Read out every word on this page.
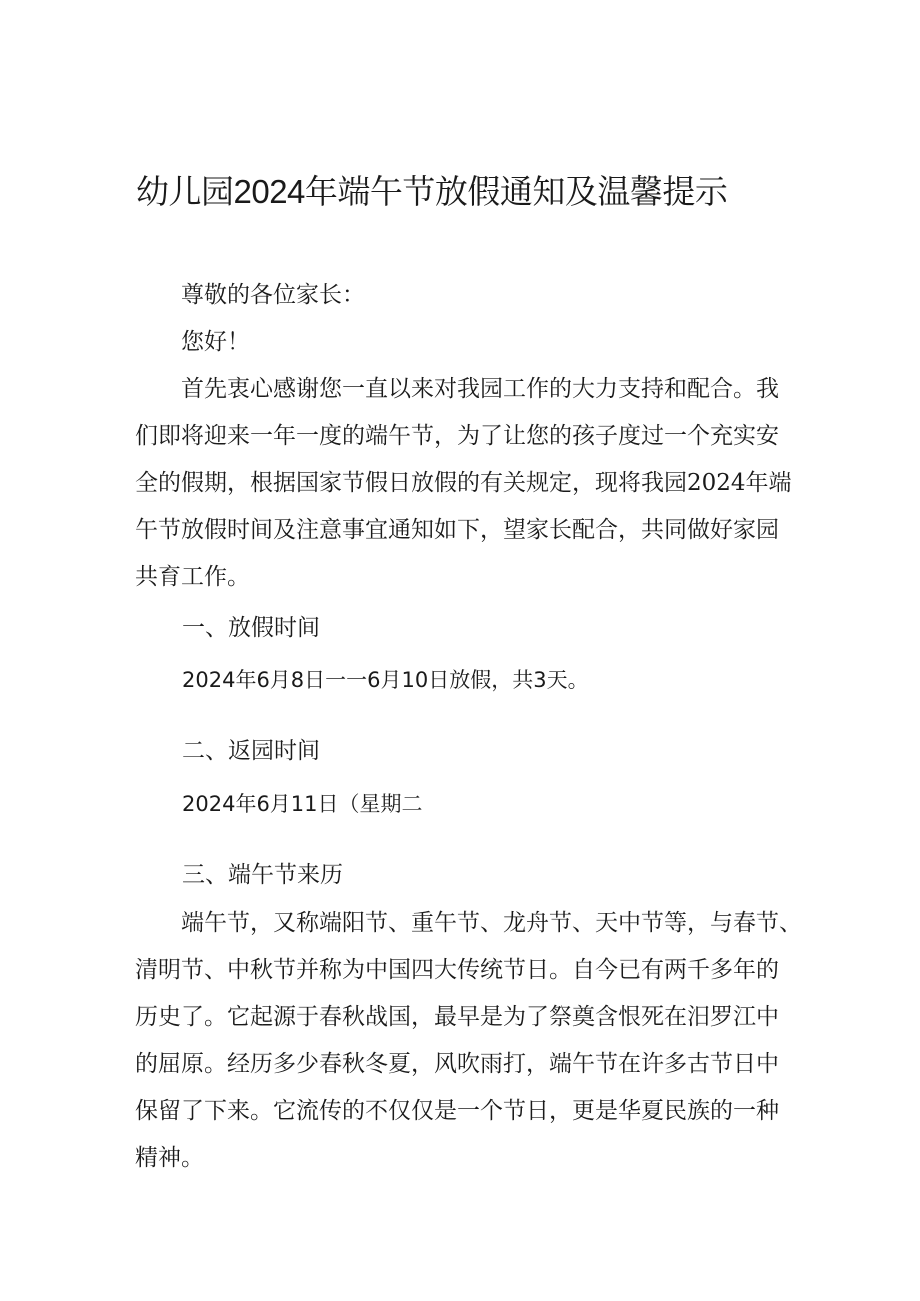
幼儿园2024年端午节放假通知及温馨提示

尊敬的各位家长：

您好！

首先衷心感谢您一直以来对我园工作的大力支持和配合。我
们即将迎来一年一度的端午节，为了让您的孩子度过一个充实安
全的假期，根据国家节假日放假的有关规定，现将我园2024年端
午节放假时间及注意事宜通知如下，望家长配合，共同做好家园
共育工作。
一、放假时间
2024年6月8日一一6月10日放假，共3天。
二、返园时间
2024年6月11日（星期二
三、端午节来历
端午节，又称端阳节、重午节、龙舟节、天中节等，与春节、
清明节、中秋节并称为中国四大传统节日。自今已有两千多年的
历史了。它起源于春秋战国，最早是为了祭奠含恨死在汨罗江中
的屈原。经历多少春秋冬夏，风吹雨打，端午节在许多古节日中
保留了下来。它流传的不仅仅是一个节日，更是华夏民族的一种
精神。
